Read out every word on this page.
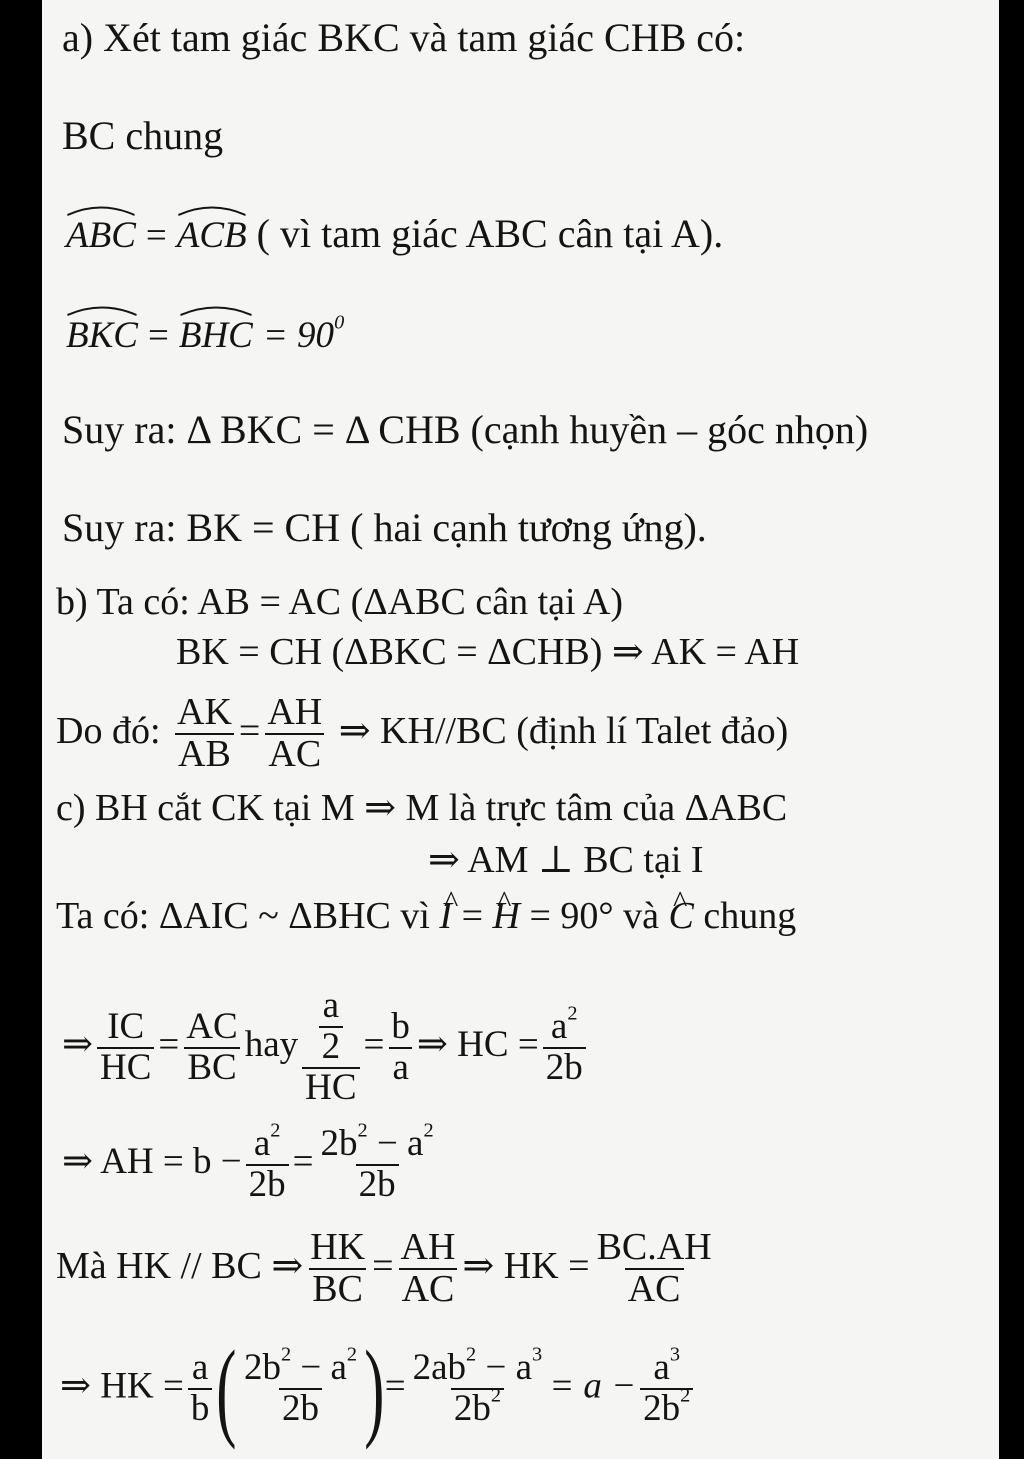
a) Xét tam giác BKC và tam giác CHB có:
BC chung
ABC = ACB ( vì tam giác ABC cân tại A).
BKC = BHC = $90^0$
Suy ra: Δ BKC = Δ CHB (cạnh huyền – góc nhọn)
Suy ra: BK = CH ( hai cạnh tương ứng).
b) Ta có: AB = AC (ΔABC cân tại A)
BK = CH (ΔBKC = ΔCHB) ⇒ AK = AH
Do đó: $\frac{AK}{AB} = \frac{AH}{AC}$ ⇒ KH//BC (định lí Talet đảo)
c) BH cắt CK tại M ⇒ M là trực tâm của ΔABC
⇒ AM ⊥ BC tại I
Ta có: ΔAIC ~ ΔBHC vì ^ I = ^ H = 90° và ^ C chung
⇒ $\frac{IC}{HC} = \frac{AC}{BC}$ hay $\frac{\frac{a}{2}}{HC} = \frac{b}{a}$ ⇒ HC = $\frac{a^2}{2b}$
⇒ AH = $b - \frac{a^2}{2b} = \frac{2b^2 - a^2}{2b}$
Mà HK // BC ⇒ $\frac{HK}{BC} = \frac{AH}{AC}$ ⇒ HK = $\frac{BC.AH}{AC}$
⇒ HK = $\frac{a}{b}$ ( $\frac{2b^2 - a^2}{2b}$ )= $\frac{2ab^2 - a^3}{2b^2} = a - \frac{a^3}{2b^2}$
